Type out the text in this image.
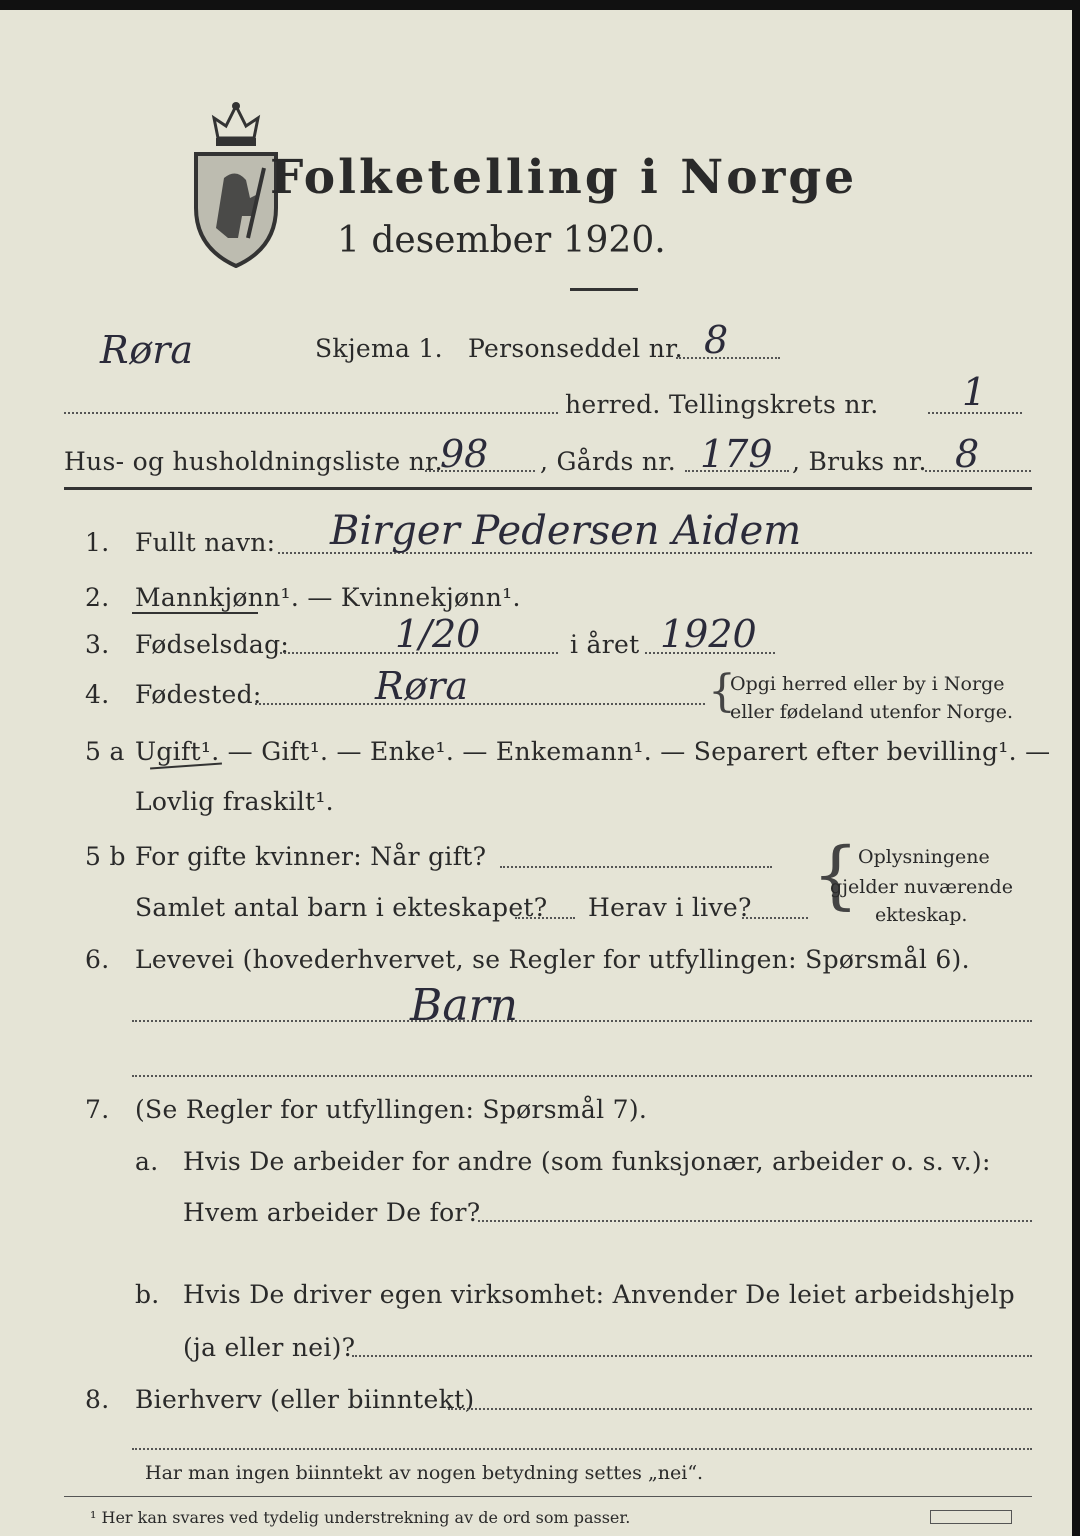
Folketelling i Norge
1 desember 1920.
Røra	Skjema 1. Personseddel nr. 8
herred. Tellingskrets nr. 1
Hus- og husholdningsliste nr.
98 , Gårds nr. 179 , Bruks nr. 8
1. Fullt navn: Birger Pedersen Aidem
2. Mannkjønn¹. — Kvinnekjønn¹.
3. Fødselsdag:	1/20	i året 1920
4. Fødested:	Røra	{
Opgi herred eller by i Norge
eller fødeland utenfor Norge.
5 a Ugift¹. — Gift¹. — Enke¹. — Enkemann¹. — Separert efter bevilling¹. —
Lovlig fraskilt¹.
5 b For gifte kvinner: Når gift?
Samlet antal barn i ekteskapet? Herav i live? {
Oplysningene
gjelder nuværende
ekteskap.
6. Levevei (hovederhvervet, se Regler for utfyllingen: Spørsmål 6).
Barn
7. (Se Regler for utfyllingen: Spørsmål 7).
a. Hvis De arbeider for andre (som funksjonær, arbeider o. s. v.):
Hvem arbeider De for?
b. Hvis De driver egen virksomhet: Anvender De leiet arbeidshjelp
(ja eller nei)?
8. Bierhverv (eller biinntekt)
Har man ingen biinntekt av nogen betydning settes „nei“.
¹ Her kan svares ved tydelig understrekning av de ord som passer.
